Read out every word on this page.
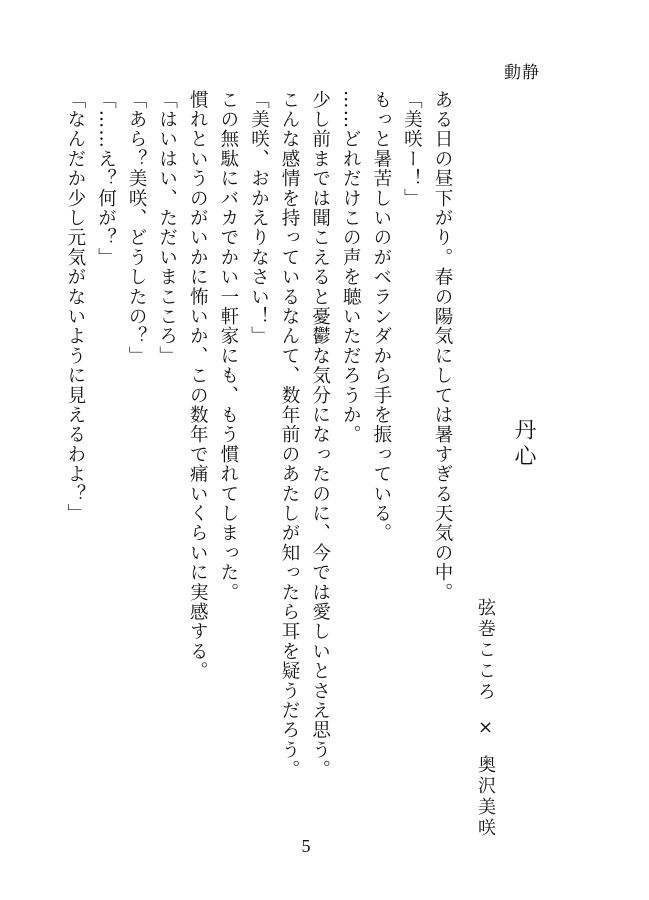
動静
丹心
弦巻こころ×奥沢美咲
ある日の昼下がり。春の陽気にしては暑すぎる天気の中。
「美咲ー！」
もっと暑苦しいのがベランダから手を振っている。
……どれだけこの声を聴いただろうか。
少し前までは聞こえると憂鬱な気分になったのに、今では愛しいとさえ思う。
こんな感情を持っているなんて、数年前のあたしが知ったら耳を疑うだろう。
「美咲、おかえりなさい！」
この無駄にバカでかい一軒家にも、もう慣れてしまった。
慣れというのがいかに怖いか、この数年で痛いくらいに実感する。
「はいはい、ただいまこころ」
「あら？美咲、どうしたの？」
「……え？何が？」
「なんだか少し元気がないように見えるわよ？」
5
